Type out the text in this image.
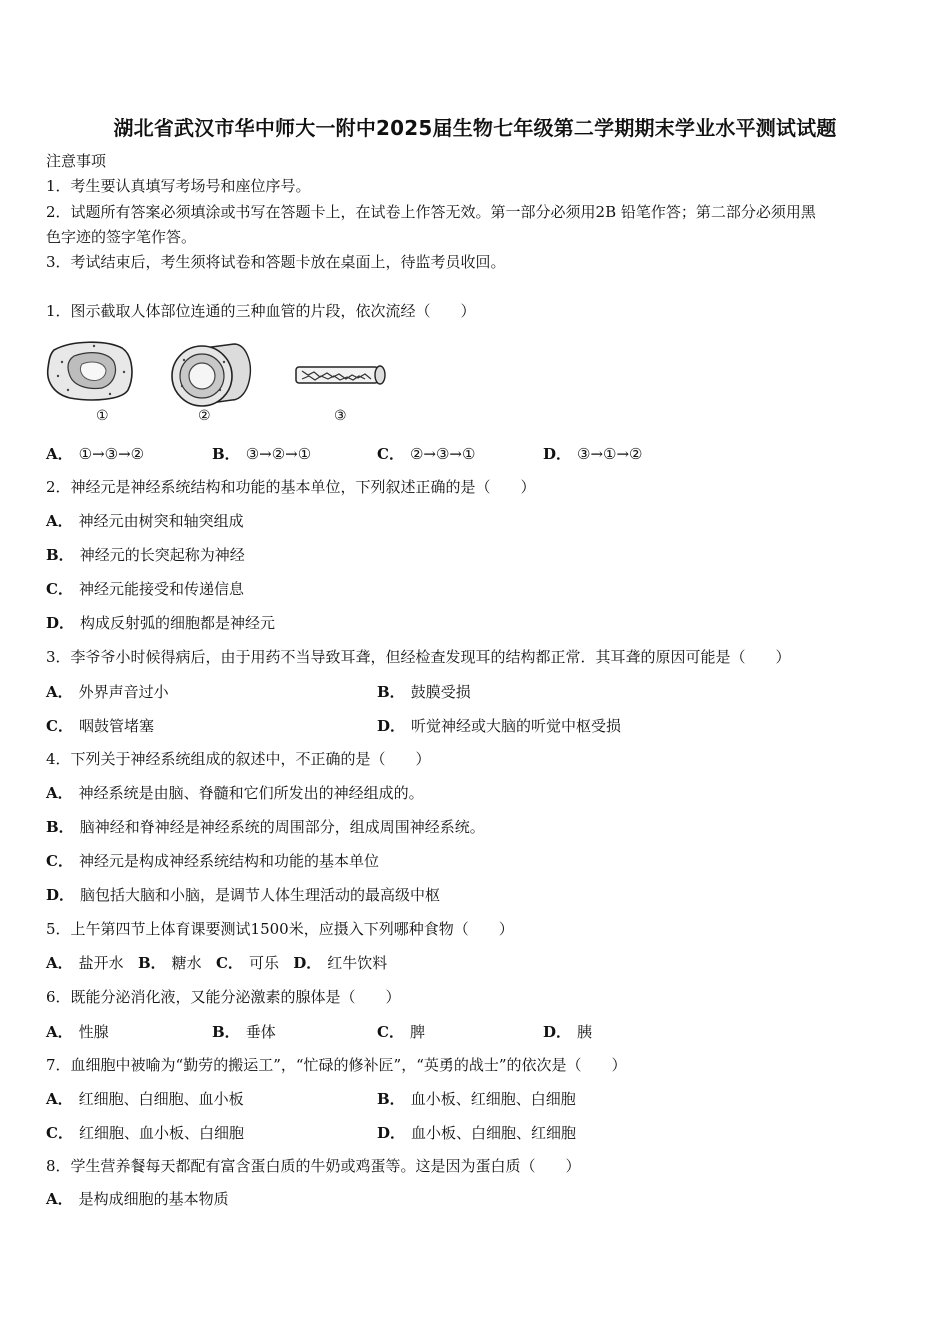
湖北省武汉市华中师大一附中2025届生物七年级第二学期期末学业水平测试试题
注意事项
1．考生要认真填写考场号和座位序号。
2．试题所有答案必须填涂或书写在答题卡上，在试卷上作答无效。第一部分必须用2B 铅笔作答；第二部分必须用黑
色字迹的签字笔作答。
3．考试结束后，考生须将试卷和答题卡放在桌面上，待监考员收回。
1．图示截取人体部位连通的三种血管的片段，依次流经（　　）
①	②	③
A． ①→③→②	B． ③→②→①	C． ②→③→①	D． ③→①→②
2．神经元是神经系统结构和功能的基本单位，下列叙述正确的是（　　）
A． 神经元由树突和轴突组成
B． 神经元的长突起称为神经
C． 神经元能接受和传递信息
D． 构成反射弧的细胞都是神经元
3．李爷爷小时候得病后，由于用药不当导致耳聋，但经检查发现耳的结构都正常．其耳聋的原因可能是（　　）
A． 外界声音过小	B． 鼓膜受损
C． 咽鼓管堵塞	D． 听觉神经或大脑的听觉中枢受损
4．下列关于神经系统组成的叙述中，不正确的是（　　）
A． 神经系统是由脑、脊髓和它们所发出的神经组成的。
B． 脑神经和脊神经是神经系统的周围部分，组成周围神经系统。
C． 神经元是构成神经系统结构和功能的基本单位
D． 脑包括大脑和小脑，是调节人体生理活动的最高级中枢
5．上午第四节上体育课要测试1500米，应摄入下列哪种食物（　　）
A． 盐开水 B． 糖水 C． 可乐 D． 红牛饮料
6．既能分泌消化液，又能分泌激素的腺体是（　　）
A． 性腺	B． 垂体	C． 脾	D． 胰
7．血细胞中被喻为“勤劳的搬运工”，“忙碌的修补匠”，“英勇的战士”的依次是（　　）
A． 红细胞、白细胞、血小板	B． 血小板、红细胞、白细胞
C． 红细胞、血小板、白细胞	D． 血小板、白细胞、红细胞
8．学生营养餐每天都配有富含蛋白质的牛奶或鸡蛋等。这是因为蛋白质（　　）
A． 是构成细胞的基本物质
